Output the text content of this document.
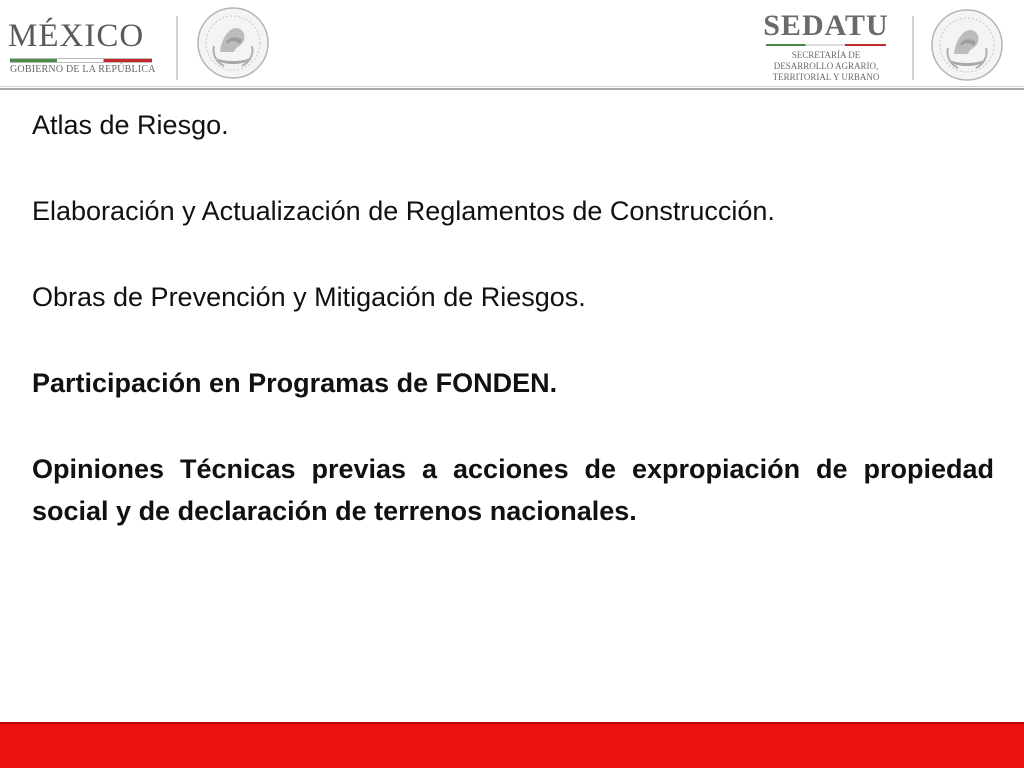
MÉXICO
GOBIERNO DE LA REPÚBLICA
SEDATU
SECRETARÍA DE
DESARROLLO AGRARIO,
TERRITORIAL Y URBANO

Atlas de Riesgo.

Elaboración y Actualización de Reglamentos de Construcción.

Obras de Prevención y Mitigación de Riesgos.

Participación en Programas de FONDEN.

Opiniones Técnicas previas a acciones de expropiación de propiedad social y de declaración de terrenos nacionales.
